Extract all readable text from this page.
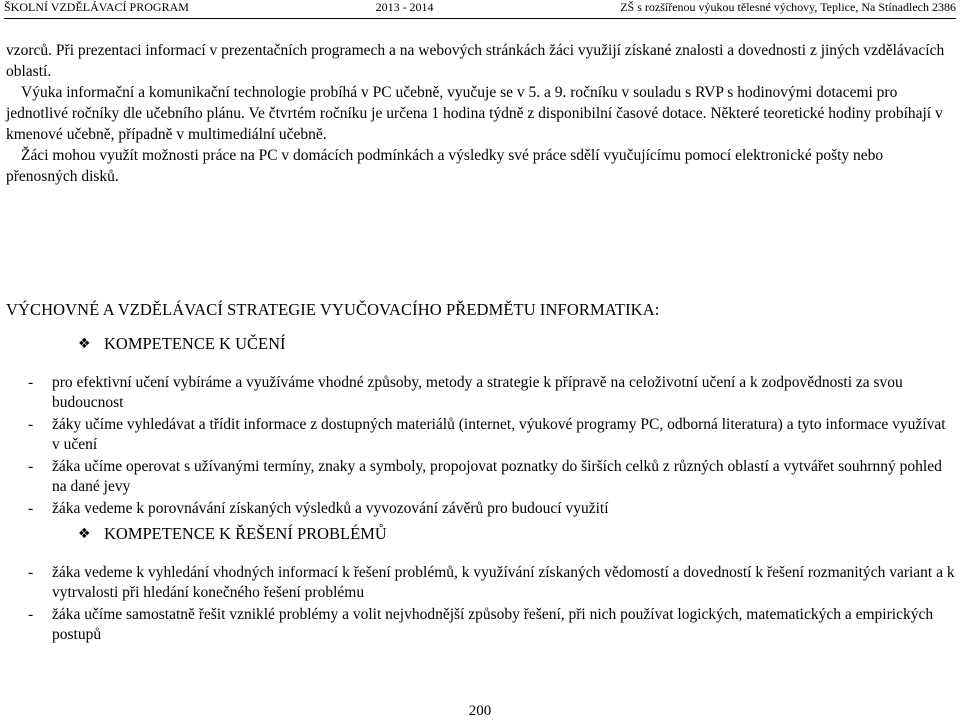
ŠKOLNÍ VZDĚLÁVACÍ PROGRAM	2013 - 2014	ZŠ s rozšířenou výukou tělesné výchovy, Teplice, Na Stínadlech 2386

vzorců. Při prezentaci informací v prezentačních programech a na webových stránkách žáci využijí získané znalosti a dovednosti z jiných vzdělávacích oblastí.

Výuka informační a komunikační technologie probíhá v PC učebně, vyučuje se v 5. a 9. ročníku v souladu s RVP s hodinovými dotacemi pro jednotlivé ročníky dle učebního plánu. Ve čtvrtém ročníku je určena 1 hodina týdně z disponibilní časové dotace. Některé teoretické hodiny probíhají v kmenové učebně, případně v multimediální učebně.

Žáci mohou využít možnosti práce na PC v domácích podmínkách a výsledky své práce sdělí vyučujícímu pomocí elektronické pošty nebo přenosných disků.

VÝCHOVNÉ A VZDĚLÁVACÍ STRATEGIE VYUČOVACÍHO PŘEDMĚTU INFORMATIKA:
❖ KOMPETENCE K UČENÍ
- pro efektivní učení vybíráme a využíváme vhodné způsoby, metody a strategie k přípravě na celoživotní učení a k zodpovědnosti za svou budoucnost
- žáky učíme vyhledávat a třídit informace z dostupných materiálů (internet, výukové programy PC, odborná literatura) a tyto informace využívat v učení
- žáka učíme operovat s užívanými termíny, znaky a symboly, propojovat poznatky do širších celků z různých oblastí a vytvářet souhrnný pohled na dané jevy
- žáka vedeme k porovnávání získaných výsledků a vyvozování závěrů pro budoucí využití
❖ KOMPETENCE K ŘEŠENÍ PROBLÉMŮ
- žáka vedeme k vyhledání vhodných informací k řešení problémů, k využívání získaných vědomostí a dovedností k řešení rozmanitých variant a k vytrvalosti při hledání konečného řešení problému
- žáka učíme samostatně řešit vzniklé problémy a volit nejvhodnější způsoby řešení, při nich používat logických, matematických a empirických postupů
200
